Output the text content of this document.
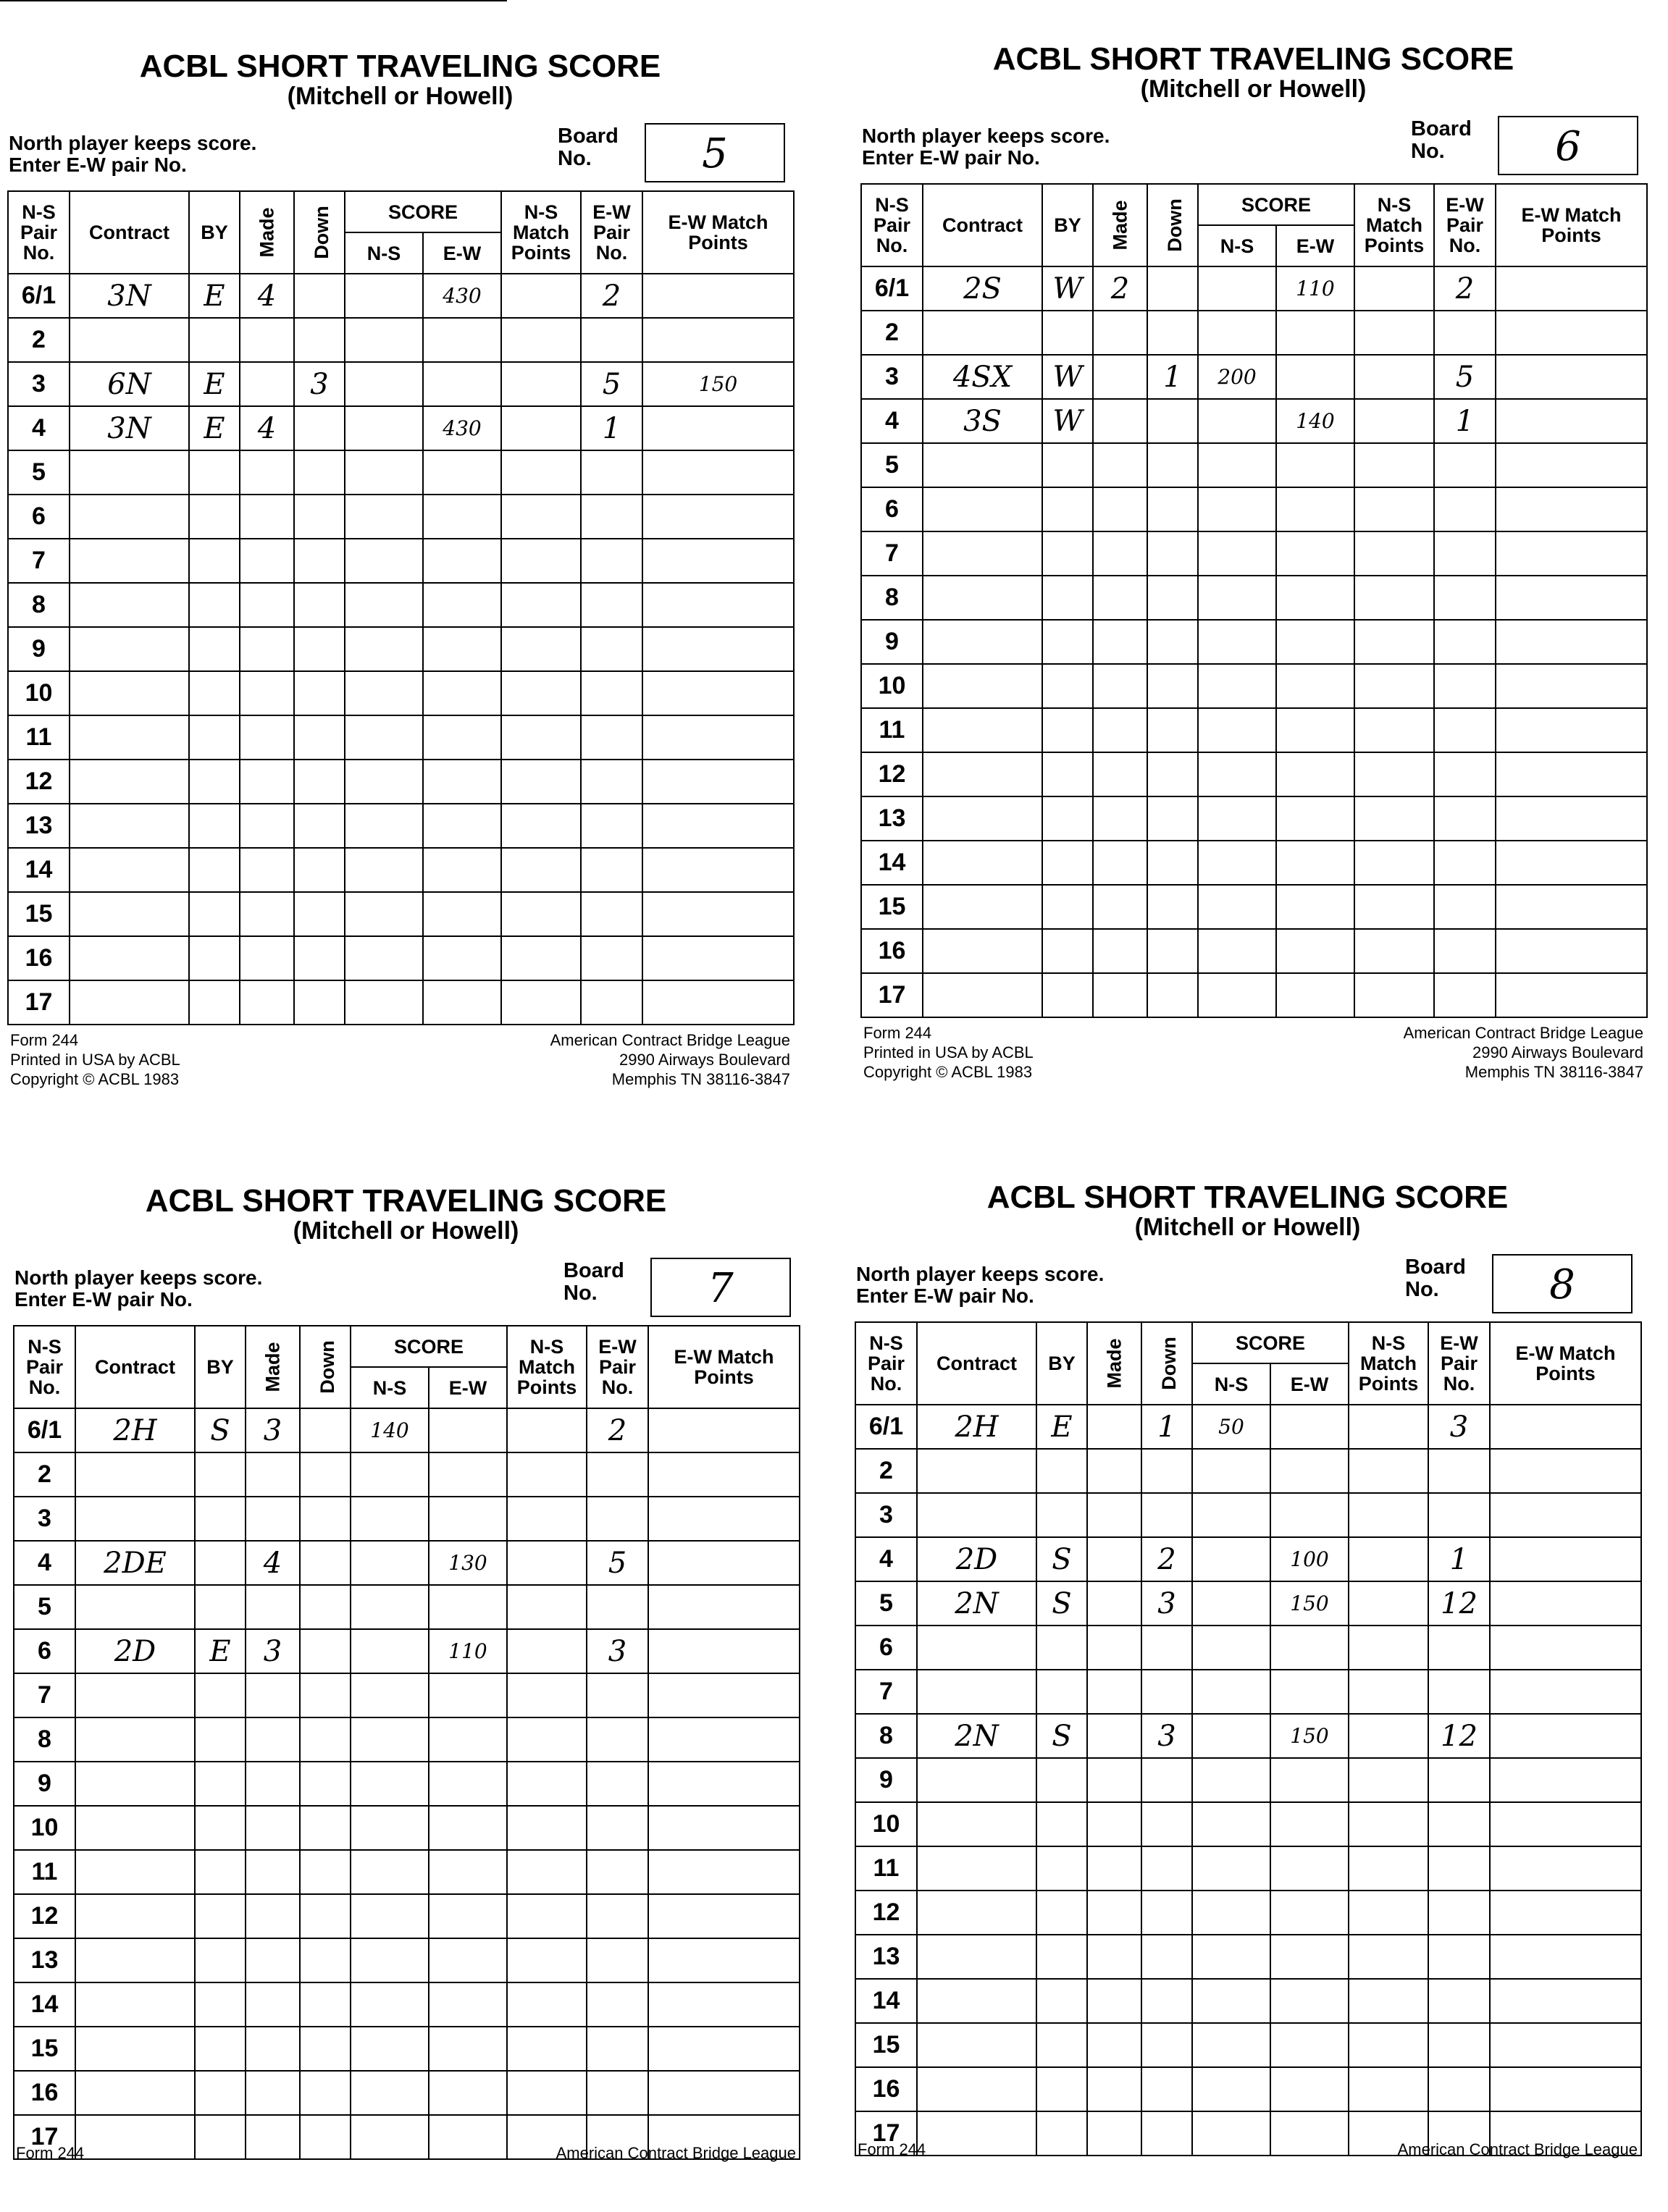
ACBL SHORT TRAVELING SCORE
(Mitchell or Howell)
North player keeps score.
Enter E-W pair No.
Board
No.	5
N-S Pair No.	Contract	BY	Made	Down	SCORE		N-S Match Points	E-W Pair No.	E-W Match Points
					N-S	E-W			
6/1	3N	E	4			430		2	
2									
3	6N	E		3				5	150
4	3N	E	4			430		1	
5									
6									
7									
8									
9									
10									
11									
12									
13									
14									
15									
16									
17									
Form 244
Printed in USA by ACBL
Copyright © ACBL 1983
American Contract Bridge League
2990 Airways Boulevard
Memphis TN 38116-3847
ACBL SHORT TRAVELING SCORE
(Mitchell or Howell)
North player keeps score.
Enter E-W pair No.
Board
No.	6
N-S Pair No.	Contract	BY	Made	Down	SCORE		N-S Match Points	E-W Pair No.	E-W Match Points
					N-S	E-W			
6/1	2S	W	2			110		2	
2									
3	4SX	W		1	200			5	
4	3S	W				140		1	
5									
6									
7									
8									
9									
10									
11									
12									
13									
14									
15									
16									
17									
Form 244
Printed in USA by ACBL
Copyright © ACBL 1983
American Contract Bridge League
2990 Airways Boulevard
Memphis TN 38116-3847
ACBL SHORT TRAVELING SCORE
(Mitchell or Howell)
North player keeps score.
Enter E-W pair No.
Board
No.	7
N-S Pair No.	Contract	BY	Made	Down	SCORE		N-S Match Points	E-W Pair No.	E-W Match Points
					N-S	E-W			
6/1	2H	S	3		140			2	
2									
3									
4	2DE		4			130		5	
5									
6	2D	E	3			110		3	
7									
8									
9									
10									
11									
12									
13									
14									
15									
16									
17									
Form 244	American Contract Bridge League
ACBL SHORT TRAVELING SCORE
(Mitchell or Howell)
North player keeps score.
Enter E-W pair No.
Board
No.	8
N-S Pair No.	Contract	BY	Made	Down	SCORE		N-S Match Points	E-W Pair No.	E-W Match Points
					N-S	E-W			
6/1	2H	E		1	50			3	
2									
3									
4	2D	S		2		100		1	
5	2N	S		3		150		12	
6									
7									
8	2N	S		3		150		12	
9									
10									
11									
12									
13									
14									
15									
16									
17									
Form 244	American Contract Bridge League
